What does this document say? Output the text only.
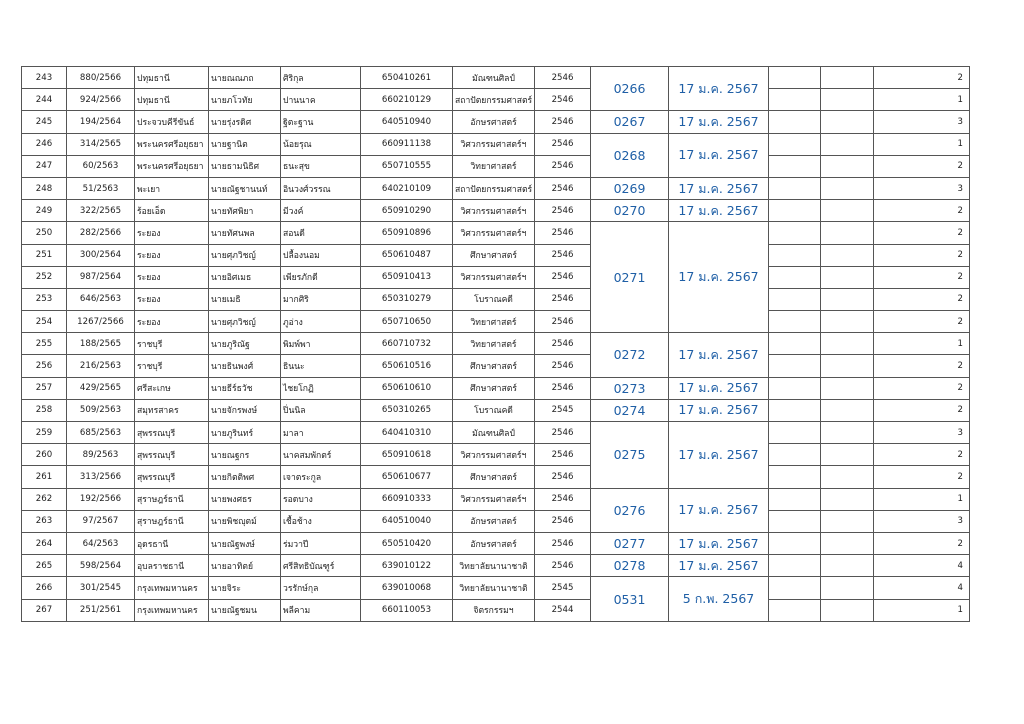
243	880/2566	ปทุมธานี	นายณณภถ	ศิริกุล	650410261	มัณฑนศิลป์	2546	0266	17 ม.ค. 2567			2
244	924/2566	ปทุมธานี	นายภโวทัย	ปานนาค	660210129	สถาปัตยกรรมศาสตร์	2546					1
245	194/2564	ประจวบคีรีขันธ์	นายรุ่งรดิศ	ฐิตะฐาน	640510940	อักษรศาสตร์	2546	0267	17 ม.ค. 2567			3
246	314/2565	พระนครศรีอยุธยา	นายฐานิต	น้อยรุณ	660911138	วิศวกรรมศาสตร์ฯ	2546	0268	17 ม.ค. 2567			1
247	60/2563	พระนครศรีอยุธยา	นายธามนิธิศ	ธนะสุข	650710555	วิทยาศาสตร์	2546					2
248	51/2563	พะเยา	นายณัฐชานนท์	อินวงศ์วรรณ	640210109	สถาปัตยกรรมศาสตร์	2546	0269	17 ม.ค. 2567			3
249	322/2565	ร้อยเอ็ด	นายทัศพิยา	มีวงค์	650910290	วิศวกรรมศาสตร์ฯ	2546	0270	17 ม.ค. 2567			2
250	282/2566	ระยอง	นายทัศนพล	สอนดี	650910896	วิศวกรรมศาสตร์ฯ	2546	0271	17 ม.ค. 2567			2
251	300/2564	ระยอง	นายศุภวิชญ์	ปลื้องนอม	650610487	ศึกษาศาสตร์	2546					2
252	987/2564	ระยอง	นายอิศเมธ	เพียรภักดี	650910413	วิศวกรรมศาสตร์ฯ	2546					2
253	646/2563	ระยอง	นายเมธิ	มากศิริ	650310279	โบราณคดี	2546					2
254	1267/2566	ระยอง	นายศุภวิชญ์	ภูอ่าง	650710650	วิทยาศาสตร์	2546					2
255	188/2565	ราชบุรี	นายภูริณัฐ	พิมพ์พา	660710732	วิทยาศาสตร์	2546	0272	17 ม.ค. 2567			1
256	216/2563	ราชบุรี	นายธินพงศ์	ธินนะ	650610516	ศึกษาศาสตร์	2546					2
257	429/2565	ศรีสะเกษ	นายธีร์ธวัช	ไชยโกฏิ	650610610	ศึกษาศาสตร์	2546	0273	17 ม.ค. 2567			2
258	509/2563	สมุทรสาคร	นายจักรพงษ์	ปิ่นนิล	650310265	โบราณคดี	2545	0274	17 ม.ค. 2567			2
259	685/2563	สุพรรณบุรี	นายภูรินทร์	มาลา	640410310	มัณฑนศิลป์	2546	0275	17 ม.ค. 2567			3
260	89/2563	สุพรรณบุรี	นายณฐกร	นาคสมพักตร์	650910618	วิศวกรรมศาสตร์ฯ	2546					2
261	313/2566	สุพรรณบุรี	นายกิตติพศ	เจาตระกูล	650610677	ศึกษาศาสตร์	2546					2
262	192/2566	สุราษฎร์ธานี	นายพงศธร	รอดบาง	660910333	วิศวกรรมศาสตร์ฯ	2546	0276	17 ม.ค. 2567			1
263	97/2567	สุราษฎร์ธานี	นายพิชญุตม์	เชื้อช้าง	640510040	อักษรศาสตร์	2546					3
264	64/2563	อุดรธานี	นายณัฐพงษ์	ร่มวาปี	650510420	อักษรศาสตร์	2546	0277	17 ม.ค. 2567			2
265	598/2564	อุบลราชธานี	นายอาทิตย์	ศรีสิทธิบัณฑูร์	639010122	วิทยาลัยนานาชาติ	2546	0278	17 ม.ค. 2567			4
266	301/2545	กรุงเทพมหานคร	นายจิระ	วรรักษ์กุล	639010068	วิทยาลัยนานาชาติ	2545	0531	5 ก.พ. 2567			4
267	251/2561	กรุงเทพมหานคร	นายณัฐชมน	พลีคาม	660110053	จิตรกรรมฯ	2544					1
